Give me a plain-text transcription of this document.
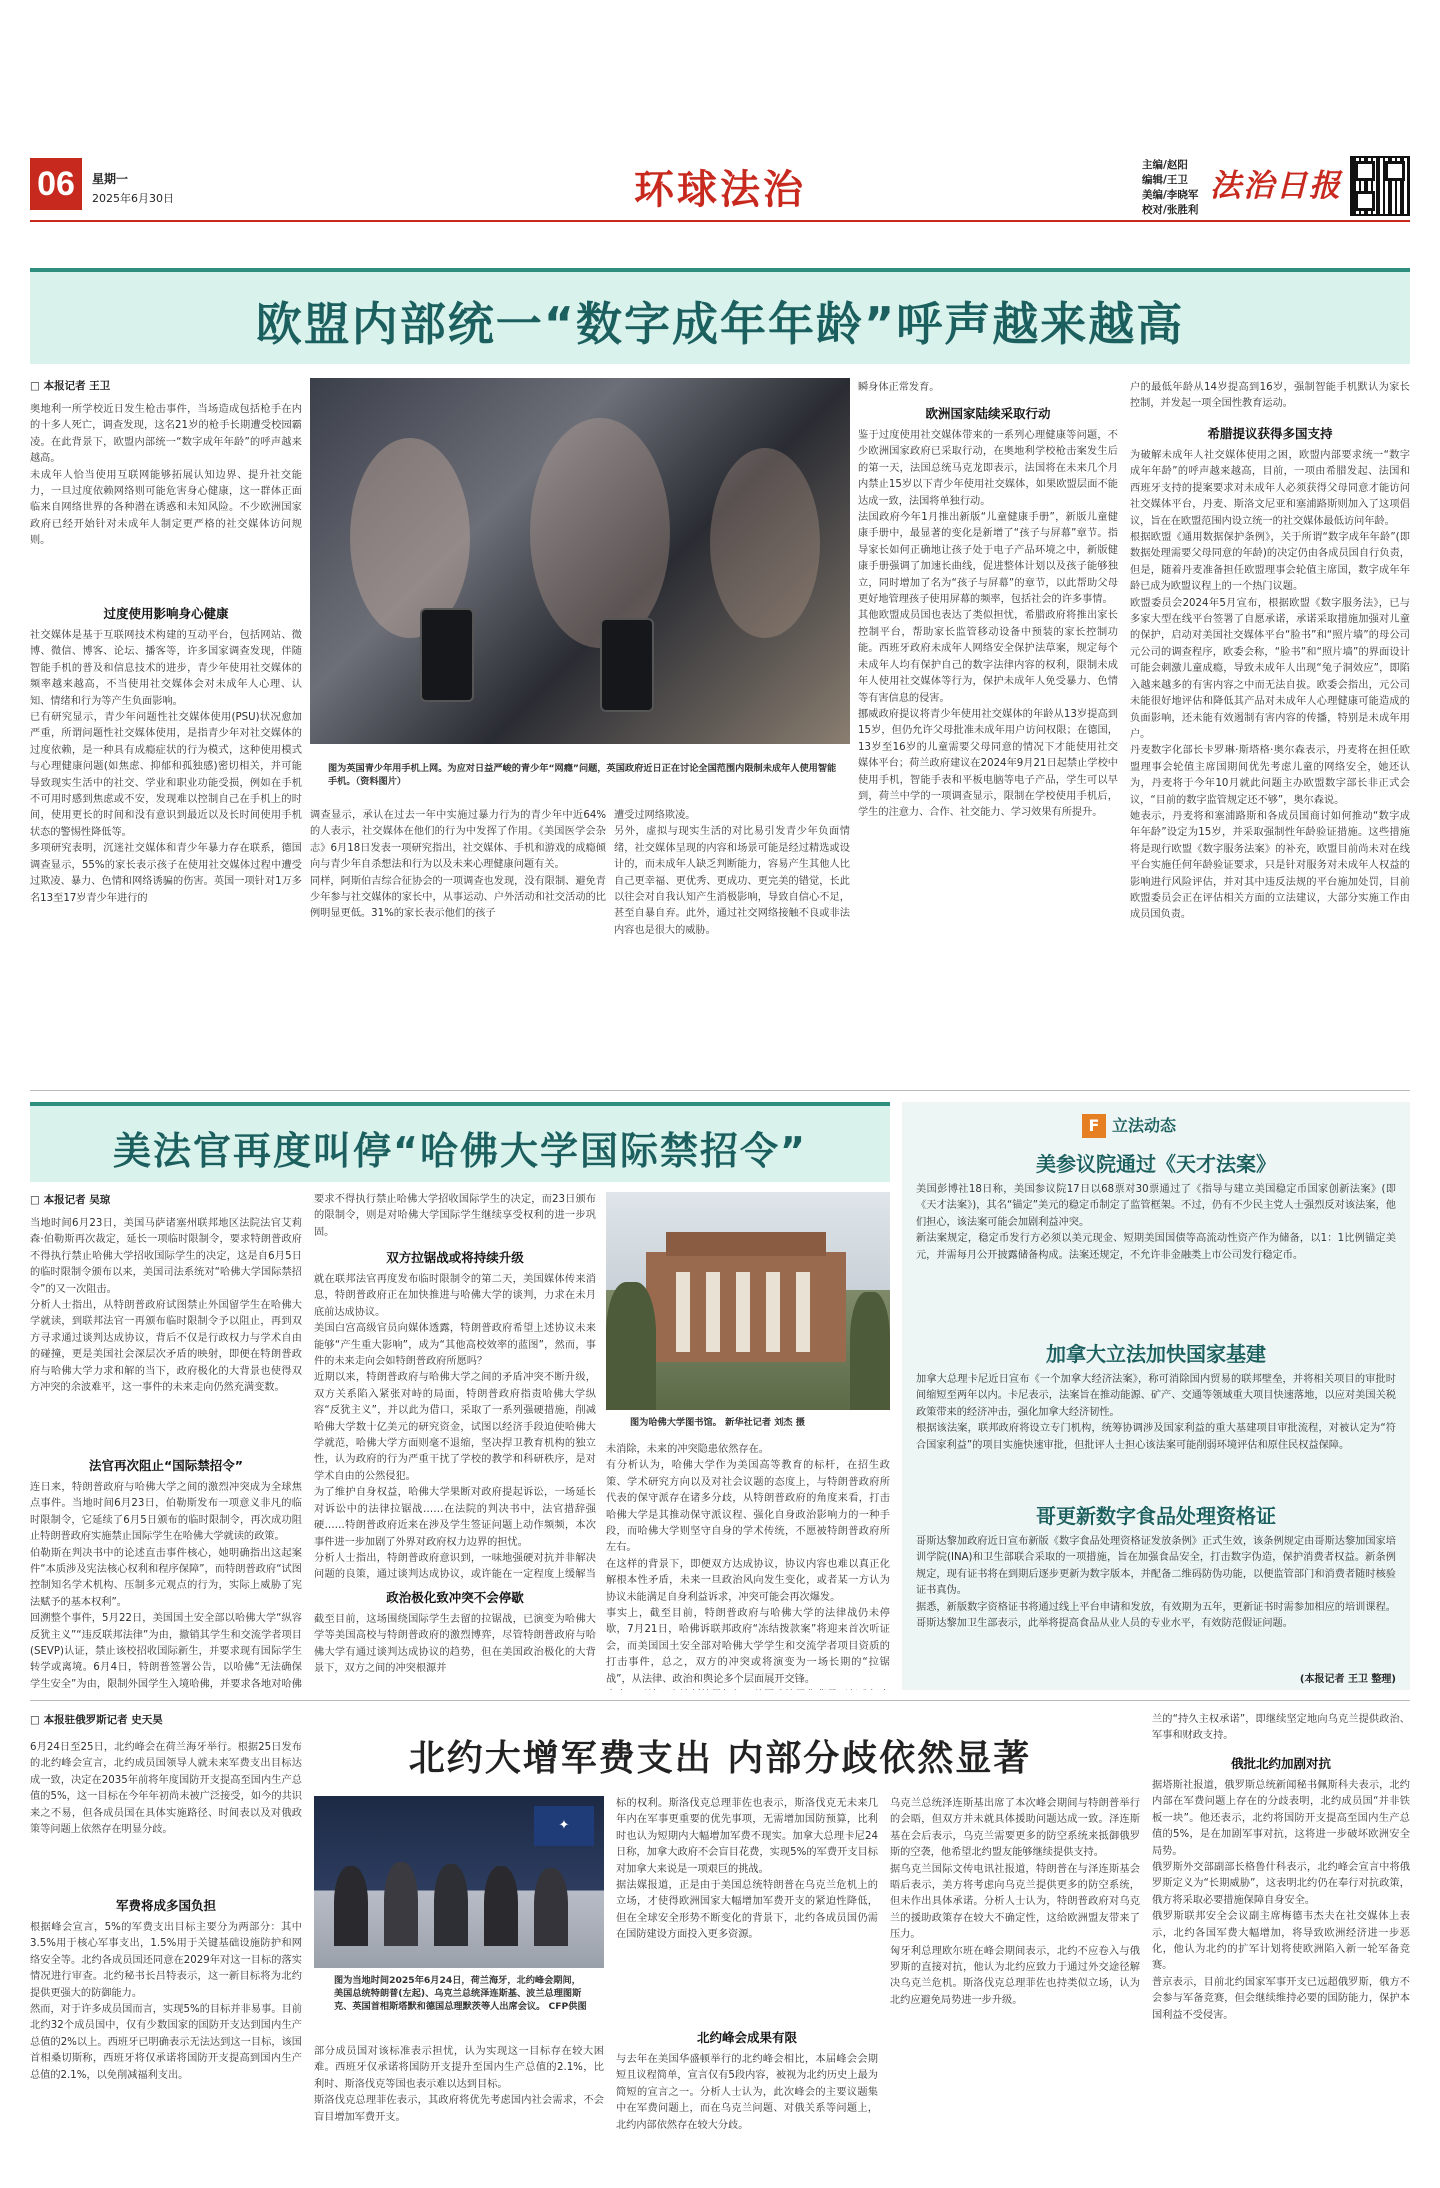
06	星期一
2025年6月30日	环球法治
主编/赵阳
编辑/王卫
美编/李晓军
校对/张胜利
法治日报
欧盟内部统一“数字成年年龄”呼声越来越高
□ 本报记者 王卫
奥地利一所学校近日发生枪击事件，当场造成包括枪手在内的十多人死亡，调查发现，这名21岁的枪手长期遭受校园霸凌。在此背景下，欧盟内部统一“数字成年年龄”的呼声越来越高。
未成年人恰当使用互联网能够拓展认知边界、提升社交能力，一旦过度依赖网络则可能危害身心健康，这一群体正面临来自网络世界的各种潜在诱惑和未知风险。不少欧洲国家政府已经开始针对未成年人制定更严格的社交媒体访问规则。
过度使用影响身心健康
社交媒体是基于互联网技术构建的互动平台，包括网站、微博、微信、博客、论坛、播客等，许多国家调查发现，伴随智能手机的普及和信息技术的进步，青少年使用社交媒体的频率越来越高，不当使用社交媒体会对未成年人心理、认知、情绪和行为等产生负面影响。
已有研究显示，青少年问题性社交媒体使用(PSU)状况愈加严重，所谓问题性社交媒体使用，是指青少年对社交媒体的过度依赖，是一种具有成瘾症状的行为模式，这种使用模式与心理健康问题(如焦虑、抑郁和孤独感)密切相关，并可能导致现实生活中的社交、学业和职业功能受损，例如在手机不可用时感到焦虑或不安，发现难以控制自己在手机上的时间，使用更长的时间和没有意识到最近以及长时间使用手机状态的警惕性降低等。
多项研究表明，沉迷社交媒体和青少年暴力存在联系，德国调查显示，55%的家长表示孩子在使用社交媒体过程中遭受过欺凌、暴力、色情和网络诱骗的伤害。英国一项针对1万多名13至17岁青少年进行的
图为英国青少年用手机上网。为应对日益严峻的青少年“网瘾”问题，英国政府近日正在讨论全国范围内限制未成年人使用智能手机。（资料图片）
调查显示，承认在过去一年中实施过暴力行为的青少年中近64%的人表示，社交媒体在他们的行为中发挥了作用。《美国医学会杂志》6月18日发表一项研究指出，社交媒体、手机和游戏的成瘾倾向与青少年自杀想法和行为以及未来心理健康问题有关。
同样，阿斯伯吉综合征协会的一项调查也发现，没有限制、避免青少年参与社交媒体的家长中，从事运动、户外活动和社交活动的比例明显更低。31%的家长表示他们的孩子
遭受过网络欺凌。
另外，虚拟与现实生活的对比易引发青少年负面情绪，社交媒体呈现的内容和场景可能是经过精选或设计的，而未成年人缺乏判断能力，容易产生其他人比自己更幸福、更优秀、更成功、更完美的错觉，长此以往会对自我认知产生消极影响，导致自信心不足，甚至自暴自弃。此外，通过社交网络接触不良或非法内容也是很大的威胁。
瞬身体正常发育。
欧洲国家陆续采取行动
鉴于过度使用社交媒体带来的一系列心理健康等问题，不少欧洲国家政府已采取行动，在奥地利学校枪击案发生后的第一天，法国总统马克龙即表示，法国将在未来几个月内禁止15岁以下青少年使用社交媒体，如果欧盟层面不能达成一致，法国将单独行动。
法国政府今年1月推出新版“儿童健康手册”，新版儿童健康手册中，最显著的变化是新增了“孩子与屏幕”章节。指导家长如何正确地让孩子处于电子产品环境之中，新版健康手册强调了加速长曲线，促进整体计划以及孩子能够独立，同时增加了名为“孩子与屏幕”的章节，以此帮助父母更好地管理孩子使用屏幕的频率，包括社会的许多事情。
其他欧盟成员国也表达了类似担忧，希腊政府将推出家长控制平台，帮助家长监管移动设备中预装的家长控制功能。西班牙政府未成年人网络安全保护法草案，规定每个未成年人均有保护自己的数字法律内容的权利，限制未成年人使用社交媒体等行为，保护未成年人免受暴力、色情等有害信息的侵害。
挪威政府提议将青少年使用社交媒体的年龄从13岁提高到15岁，但仍允许父母批准未成年用户访问权限；在德国，13岁至16岁的儿童需要父母同意的情况下才能使用社交媒体平台；荷兰政府建议在2024年9月21日起禁止学校中使用手机，智能手表和平板电脑等电子产品，学生可以早到，荷兰中学的一项调查显示，限制在学校使用手机后，学生的注意力、合作、社交能力、学习效果有所提升。
户的最低年龄从14岁提高到16岁，强制智能手机默认为家长控制，并发起一项全国性教育运动。
希腊提议获得多国支持
为破解未成年人社交媒体使用之困，欧盟内部要求统一“数字成年年龄”的呼声越来越高，目前，一项由希腊发起、法国和西班牙支持的提案要求对未成年人必须获得父母同意才能访问社交媒体平台，丹麦、斯洛文尼亚和塞浦路斯则加入了这项倡议，旨在在欧盟范围内设立统一的社交媒体最低访问年龄。
根据欧盟《通用数据保护条例》，关于所谓“数字成年年龄”(即数据处理需要父母同意的年龄)的决定仍由各成员国自行负责，但是，随着丹麦准备担任欧盟理事会轮值主席国，数字成年年龄已成为欧盟议程上的一个热门议题。
欧盟委员会2024年5月宣布，根据欧盟《数字服务法》，已与多家大型在线平台签署了自愿承诺，承诺采取措施加强对儿童的保护，启动对美国社交媒体平台“脸书”和“照片墙”的母公司元公司的调查程序，欧委会称，“脸书”和“照片墙”的界面设计可能会刺激儿童成瘾，导致未成年人出现“兔子洞效应”，即陷入越来越多的有害内容之中而无法自拔。欧委会指出，元公司未能很好地评估和降低其产品对未成年人心理健康可能造成的负面影响，还未能有效遏制有害内容的传播，特别是未成年用户。
丹麦数字化部长卡罗琳·斯塔格·奥尔森表示，丹麦将在担任欧盟理事会轮值主席国期间优先考虑儿童的网络安全，她还认为，丹麦将于今年10月就此问题主办欧盟数字部长非正式会议，“目前的数字监管规定还不够”，奥尔森说。
她表示，丹麦将和塞浦路斯和各成员国商讨如何推动“数字成年年龄”设定为15岁，并采取强制性年龄验证措施。这些措施将是现行欧盟《数字服务法案》的补充，欧盟目前尚未对在线平台实施任何年龄验证要求，只是针对服务对未成年人权益的影响进行风险评估，并对其中违反法规的平台施加处罚，目前欧盟委员会正在评估相关方面的立法建议，大部分实施工作由成员国负责。
美法官再度叫停“哈佛大学国际禁招令”
□ 本报记者 吴琼
当地时间6月23日，美国马萨诸塞州联邦地区法院法官艾莉森·伯勒斯再次裁定，延长一项临时限制令，要求特朗普政府不得执行禁止哈佛大学招收国际学生的决定，这是自6月5日的临时限制令颁布以来，美国司法系统对“哈佛大学国际禁招令”的又一次阻击。
分析人士指出，从特朗普政府试图禁止外国留学生在哈佛大学就读，到联邦法官一再颁布临时限制令予以阻止，再到双方寻求通过谈判达成协议，背后不仅是行政权力与学术自由的碰撞，更是美国社会深层次矛盾的映射，即便在特朗普政府与哈佛大学力求和解的当下，政府极化的大背景也使得双方冲突的余波难平，这一事件的未来走向仍然充满变数。
法官再次阻止“国际禁招令”
连日来，特朗普政府与哈佛大学之间的激烈冲突成为全球焦点事件。当地时间6月23日，伯勒斯发布一项意义非凡的临时限制令，它延续了6月5日颁布的临时限制令，再次成功阻止特朗普政府实施禁止国际学生在哈佛大学就读的政策。
伯勒斯在判决书中的论述直击事件核心，她明确指出这起案件“本质涉及宪法核心权利和程序保障”，而特朗普政府“试图控制知名学术机构、压制多元观点的行为，实际上威胁了宪法赋予的基本权利”。
回溯整个事件，5月22日，美国国土安全部以哈佛大学“纵容反犹主义”“违反联邦法律”为由，撤销其学生和交流学者项目(SEVP)认证，禁止该校招收国际新生，并要求现有国际学生转学或离境。6月4日，特朗普签署公告，以哈佛“无法确保学生安全”为由，限制外国学生入境哈佛，并要求各地对哈佛

要求不得执行禁止哈佛大学招收国际学生的决定，而23日颁布的限制令，则是对哈佛大学国际学生继续享受权利的进一步巩固。
双方拉锯战或将持续升级
就在联邦法官再度发布临时限制令的第二天，美国媒体传来消息，特朗普政府正在加快推进与哈佛大学的谈判，力求在未月底前达成协议。
美国白宫高级官员向媒体透露，特朗普政府希望上述协议未来能够“产生重大影响”，成为“其他高校效率的蓝图”，然而，事件的未来走向会如特朗普政府所愿吗？
近期以来，特朗普政府与哈佛大学之间的矛盾冲突不断升级，双方关系陷入紧张对峙的局面，特朗普政府指责哈佛大学纵容“反犹主义”，并以此为借口，采取了一系列强硬措施，削减哈佛大学数十亿美元的研究资金，试图以经济手段迫使哈佛大学就范，哈佛大学方面则毫不退缩，坚决捍卫教育机构的独立性，认为政府的行为严重干扰了学校的教学和科研秩序，是对学术自由的公然侵犯。
为了维护自身权益，哈佛大学果断对政府提起诉讼，一场延长对诉讼中的法律拉锯战……在法院的判决书中，法官措辞强硬……特朗普政府近来在涉及学生签证问题上动作频频，本次事件进一步加剧了外界对政府权力边界的担忧。
分析人士指出，特朗普政府意识到，一味地强硬对抗并非解决问题的良策，通过谈判达成协议，或许能在一定程度上缓解当
政治极化致冲突不会停歇
截至目前，这场围绕国际学生去留的拉锯战，已演变为哈佛大学等美国高校与特朗普政府的激烈博弈，尽管特朗普政府与哈佛大学有通过谈判达成协议的趋势，但在美国政治极化的大背景下，双方之间的冲突根源并
图为哈佛大学图书馆。 新华社记者 刘杰 摄
未消除，未来的冲突隐患依然存在。
有分析认为，哈佛大学作为美国高等教育的标杆，在招生政策、学术研究方向以及对社会议题的态度上，与特朗普政府所代表的保守派存在诸多分歧，从特朗普政府的角度来看，打击哈佛大学是其推动保守派议程、强化自身政治影响力的一种手段，而哈佛大学则坚守自身的学术传统，不愿被特朗普政府所左右。
在这样的背景下，即便双方达成协议，协议内容也难以真正化解根本性矛盾，未来一旦政治风向发生变化，或者某一方认为协议未能满足自身利益诉求，冲突可能会再次爆发。
事实上，截至目前，特朗普政府与哈佛大学的法律战仍未停歇，7月21日，哈佛诉联邦政府“冻结拨款案”将迎来首次听证会，而美国国土安全部对哈佛大学学生和交流学者项目资质的打击事件，总之，双方的冲突或将演变为一场长期的“拉锯战”，从法律、政治和舆论多个层面展开交锋。

F 立法动态
美参议院通过《天才法案》
美国彭博社18日称，美国参议院17日以68票对30票通过了《指导与建立美国稳定币国家创新法案》(即《天才法案》)，其名“锚定”美元的稳定币制定了监管框架。不过，仍有不少民主党人士强烈反对该法案，他们担心，该法案可能会加剧利益冲突。
新法案规定，稳定币发行方必须以美元现金、短期美国国债等高流动性资产作为储备，以1：1比例锚定美元，并需每月公开披露储备构成。法案还规定，不允许非金融类上市公司发行稳定币。
加拿大立法加快国家基建
加拿大总理卡尼近日宣布《一个加拿大经济法案》，称可消除国内贸易的联邦壁垒，并将相关项目的审批时间缩短至两年以内。卡尼表示，法案旨在推动能源、矿产、交通等领域重大项目快速落地，以应对美国关税政策带来的经济冲击，强化加拿大经济韧性。
根据该法案，联邦政府将设立专门机构，统筹协调涉及国家利益的重大基建项目审批流程，对被认定为“符合国家利益”的项目实施快速审批，但批评人士担心该法案可能削弱环境评估和原住民权益保障。
哥更新数字食品处理资格证
哥斯达黎加政府近日宣布新版《数字食品处理资格证发放条例》正式生效，该条例规定由哥斯达黎加国家培训学院(INA)和卫生部联合采取的一项措施，旨在加强食品安全，打击数字伪造，保护消费者权益。新条例规定，现有证书将在到期后逐步更新为数字版本，并配备二维码防伪功能，以便监管部门和消费者随时核验证书真伪。
据悉，新版数字资格证书将通过线上平台申请和发放，有效期为五年，更新证书时需参加相应的培训课程。哥斯达黎加卫生部表示，此举将提高食品从业人员的专业水平，有效防范假证问题。
(本报记者 王卫 整理)
□ 本报驻俄罗斯记者 史天昊
北约大增军费支出 内部分歧依然显著
6月24日至25日，北约峰会在荷兰海牙举行。根据25日发布的北约峰会宣言，北约成员国领导人就未来军费支出目标达成一致，决定在2035年前将年度国防开支提高至国内生产总值的5%，这一目标在今年年初尚未被广泛接受，如今的共识来之不易，但各成员国在具体实施路径、时间表以及对俄政策等问题上依然存在明显分歧。
军费将成多国负担
根据峰会宣言，5%的军费支出目标主要分为两部分：其中3.5%用于核心军事支出，1.5%用于关键基础设施防护和网络安全等。北约各成员国还同意在2029年对这一目标的落实情况进行审查。北约秘书长吕特表示，这一新目标将为北约提供更强大的防御能力。
然而，对于许多成员国而言，实现5%的目标并非易事。目前北约32个成员国中，仅有少数国家的国防开支达到国内生产总值的2%以上。西班牙已明确表示无法达到这一目标，该国首相桑切斯称，西班牙将仅承诺将国防开支提高到国内生产总值的2.1%，以免削减福利支出。
✦
图为当地时间2025年6月24日，荷兰海牙，北约峰会期间，美国总统特朗普(左起)、乌克兰总统泽连斯基、波兰总理图斯克、英国首相斯塔默和德国总理默茨等人出席会议。 CFP供图
部分成员国对该标准表示担忧，认为实现这一目标存在较大困难。西班牙仅承诺将国防开支提升至国内生产总值的2.1%，比利时、斯洛伐克等国也表示难以达到目标。
斯洛伐克总理菲佐表示，其政府将优先考虑国内社会需求，不会盲目增加军费开支。
标的权利。斯洛伐克总理菲佐也表示，斯洛伐克无未来几年内在军事更重要的优先事项，无需增加国防预算，比利时也认为短期内大幅增加军费不现实。加拿大总理卡尼24日称，加拿大政府不会盲目花费，实现5%的军费开支目标对加拿大来说是一项艰巨的挑战。
据法媒报道，正是由于美国总统特朗普在乌克兰危机上的立场，才使得欧洲国家大幅增加军费开支的紧迫性降低，但在全球安全形势不断变化的背景下，北约各成员国仍需在国防建设方面投入更多资源。
北约峰会成果有限
与去年在美国华盛顿举行的北约峰会相比，本届峰会会期短且议程简单，宣言仅有5段内容，被视为北约历史上最为简短的宣言之一。分析人士认为，此次峰会的主要议题集中在军费问题上，而在乌克兰问题、对俄关系等问题上，北约内部依然存在较大分歧。
乌克兰总统泽连斯基出席了本次峰会期间与特朗普举行的会晤，但双方并未就具体援助问题达成一致。泽连斯基在会后表示，乌克兰需要更多的防空系统来抵御俄罗斯的空袭，他希望北约盟友能够继续提供支持。
据乌克兰国际文传电讯社报道，特朗普在与泽连斯基会晤后表示，美方将考虑向乌克兰提供更多的防空系统，但未作出具体承诺。分析人士认为，特朗普政府对乌克兰的援助政策存在较大不确定性，这给欧洲盟友带来了压力。
匈牙利总理欧尔班在峰会期间表示，北约不应卷入与俄罗斯的直接对抗，他认为北约应致力于通过外交途径解决乌克兰危机。斯洛伐克总理菲佐也持类似立场，认为北约应避免局势进一步升级。
兰的“持久主权承诺”，即继续坚定地向乌克兰提供政治、军事和财政支持。
俄批北约加剧对抗
据塔斯社报道，俄罗斯总统新闻秘书佩斯科夫表示，北约内部在军费问题上存在的分歧表明，北约成员国“并非铁板一块”。他还表示，北约将国防开支提高至国内生产总值的5%，是在加剧军事对抗，这将进一步破坏欧洲安全局势。
俄罗斯外交部副部长格鲁什科表示，北约峰会宣言中将俄罗斯定义为“长期威胁”，这表明北约仍在奉行对抗政策，俄方将采取必要措施保障自身安全。
俄罗斯联邦安全会议副主席梅德韦杰夫在社交媒体上表示，北约各国军费大幅增加，将导致欧洲经济进一步恶化，他认为北约的扩军计划将使欧洲陷入新一轮军备竞赛。
普京表示，目前北约国家军事开支已远超俄罗斯，俄方不会参与军备竞赛，但会继续维持必要的国防能力，保护本国利益不受侵害。
